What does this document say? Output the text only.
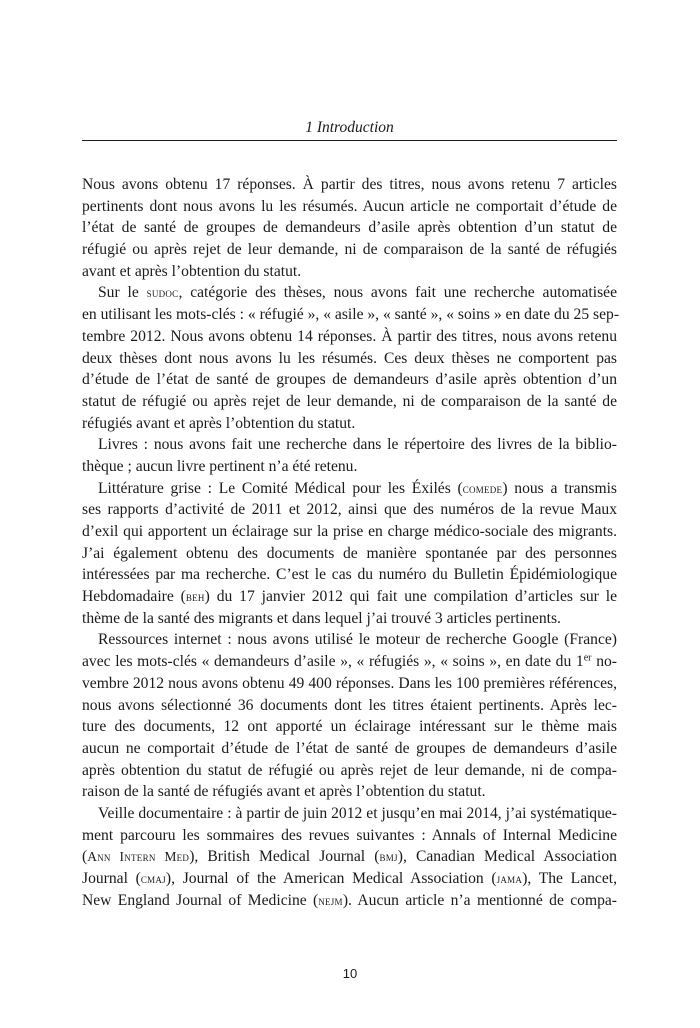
1 Introduction
Nous avons obtenu 17 réponses. À partir des titres, nous avons retenu 7 articles
pertinents dont nous avons lu les résumés. Aucun article ne comportait d’étude de
l’état de santé de groupes de demandeurs d’asile après obtention d’un statut de
réfugié ou après rejet de leur demande, ni de comparaison de la santé de réfugiés
avant et après l’obtention du statut.
Sur le sudoc, catégorie des thèses, nous avons fait une recherche automatisée
en utilisant les mots-clés : « réfugié », « asile », « santé », « soins » en date du 25 sep-
tembre 2012. Nous avons obtenu 14 réponses. À partir des titres, nous avons retenu
deux thèses dont nous avons lu les résumés. Ces deux thèses ne comportent pas
d’étude de l’état de santé de groupes de demandeurs d’asile après obtention d’un
statut de réfugié ou après rejet de leur demande, ni de comparaison de la santé de
réfugiés avant et après l’obtention du statut.
Livres : nous avons fait une recherche dans le répertoire des livres de la biblio-
thèque ; aucun livre pertinent n’a été retenu.
Littérature grise : Le Comité Médical pour les Éxilés (comede) nous a transmis
ses rapports d’activité de 2011 et 2012, ainsi que des numéros de la revue Maux
d’exil qui apportent un éclairage sur la prise en charge médico-sociale des migrants.
J’ai également obtenu des documents de manière spontanée par des personnes
intéressées par ma recherche. C’est le cas du numéro du Bulletin Épidémiologique
Hebdomadaire (beh) du 17 janvier 2012 qui fait une compilation d’articles sur le
thème de la santé des migrants et dans lequel j’ai trouvé 3 articles pertinents.
Ressources internet : nous avons utilisé le moteur de recherche Google (France)
avec les mots-clés « demandeurs d’asile », « réfugiés », « soins », en date du 1er no-
vembre 2012 nous avons obtenu 49 400 réponses. Dans les 100 premières références,
nous avons sélectionné 36 documents dont les titres étaient pertinents. Après lec-
ture des documents, 12 ont apporté un éclairage intéressant sur le thème mais
aucun ne comportait d’étude de l’état de santé de groupes de demandeurs d’asile
après obtention du statut de réfugié ou après rejet de leur demande, ni de compa-
raison de la santé de réfugiés avant et après l’obtention du statut.
Veille documentaire : à partir de juin 2012 et jusqu’en mai 2014, j’ai systématique-
ment parcouru les sommaires des revues suivantes : Annals of Internal Medicine
(Ann Intern Med), British Medical Journal (bmj), Canadian Medical Association
Journal (cmaj), Journal of the American Medical Association (jama), The Lancet,
New England Journal of Medicine (nejm). Aucun article n’a mentionné de compa-
10
